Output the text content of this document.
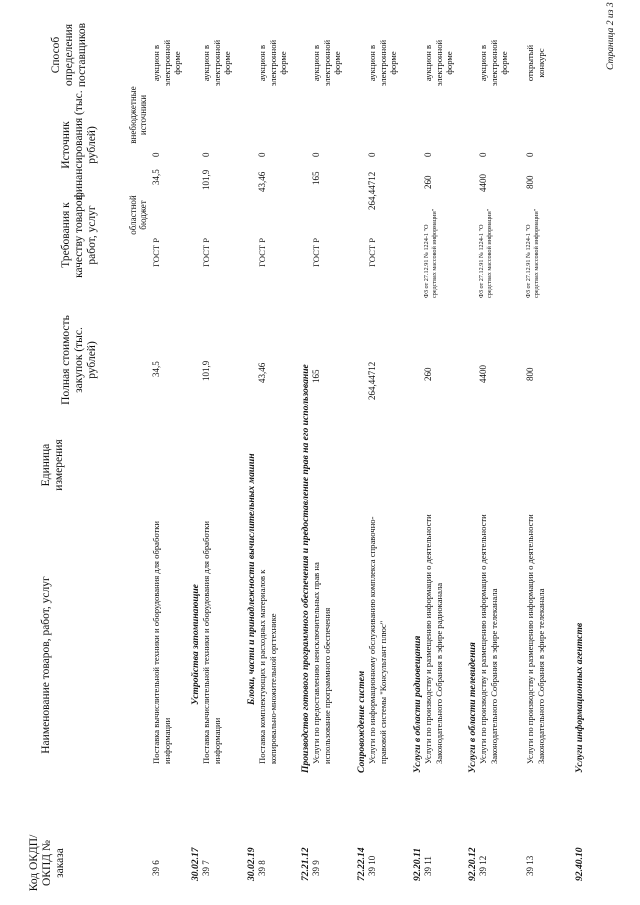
Код ОКДП/ ОКПД № заказа
Наименование товаров, работ, услуг
Единица измерения
Полная стоимость закупок (тыс. рублей)
Требования к качеству товаров, работ, услуг
Источник финансирования (тыс. рублей)
областной бюджет
внебюджетные источники
Способ определения поставщиков
39 6
Поставка вычислительной техники и оборудования для обработки информации
34,5
ГОСТ Р
34,5
0
аукцион в электронной форме
30.02.17
Устройства запоминающие
39 7
Поставка вычислительной техники и оборудования для обработки информации
101,9
ГОСТ Р
101,9
0
аукцион в электронной форме
30.02.19
Блоки, части и принадлежности вычислительных машин
39 8
Поставка комплектующих и расходных материалов к копировально-множительной оргтехнике
43,46
ГОСТ Р
43,46
0
аукцион в электронной форме
72.21.12
Производство готового программного обеспечения и предоставление прав на его использование
39 9
Услуги по предоставлению неисключительных прав на использование программного обеспечения
165
ГОСТ Р
165
0
аукцион в электронной форме
72.22.14
Сопровождение систем
39 10
Услуги по информационному обслуживанию комплекса справочно-правовой системы "Консультант плюс"
264,44712
ГОСТ Р
264,44712
0
аукцион в электронной форме
92.20.11
Услуги в области радиовещания
39 11
Услуги по производству и размещению информации о деятельности Законодательного Собрания в эфире радиоканала
260
ФЗ от 27.12.91 № 1224-1 "О средствах массовой информации"
260
0
аукцион в электронной форме
92.20.12
Услуги в области телевидения
39 12
Услуги по производству и размещению информации о деятельности Законодательного Собрания в эфире телеканала
4400
ФЗ от 27.12.91 № 1224-1 "О средствах массовой информации"
4400
0
аукцион в электронной форме
39 13
Услуги по производству и размещению информации о деятельности Законодательного Собрания в эфире телеканала
800
ФЗ от 27.12.91 № 1224-1 "О средствах массовой информации"
800
0
открытый конкурс
92.40.10
Услуги информационных агентств
Страница 2 из 3
